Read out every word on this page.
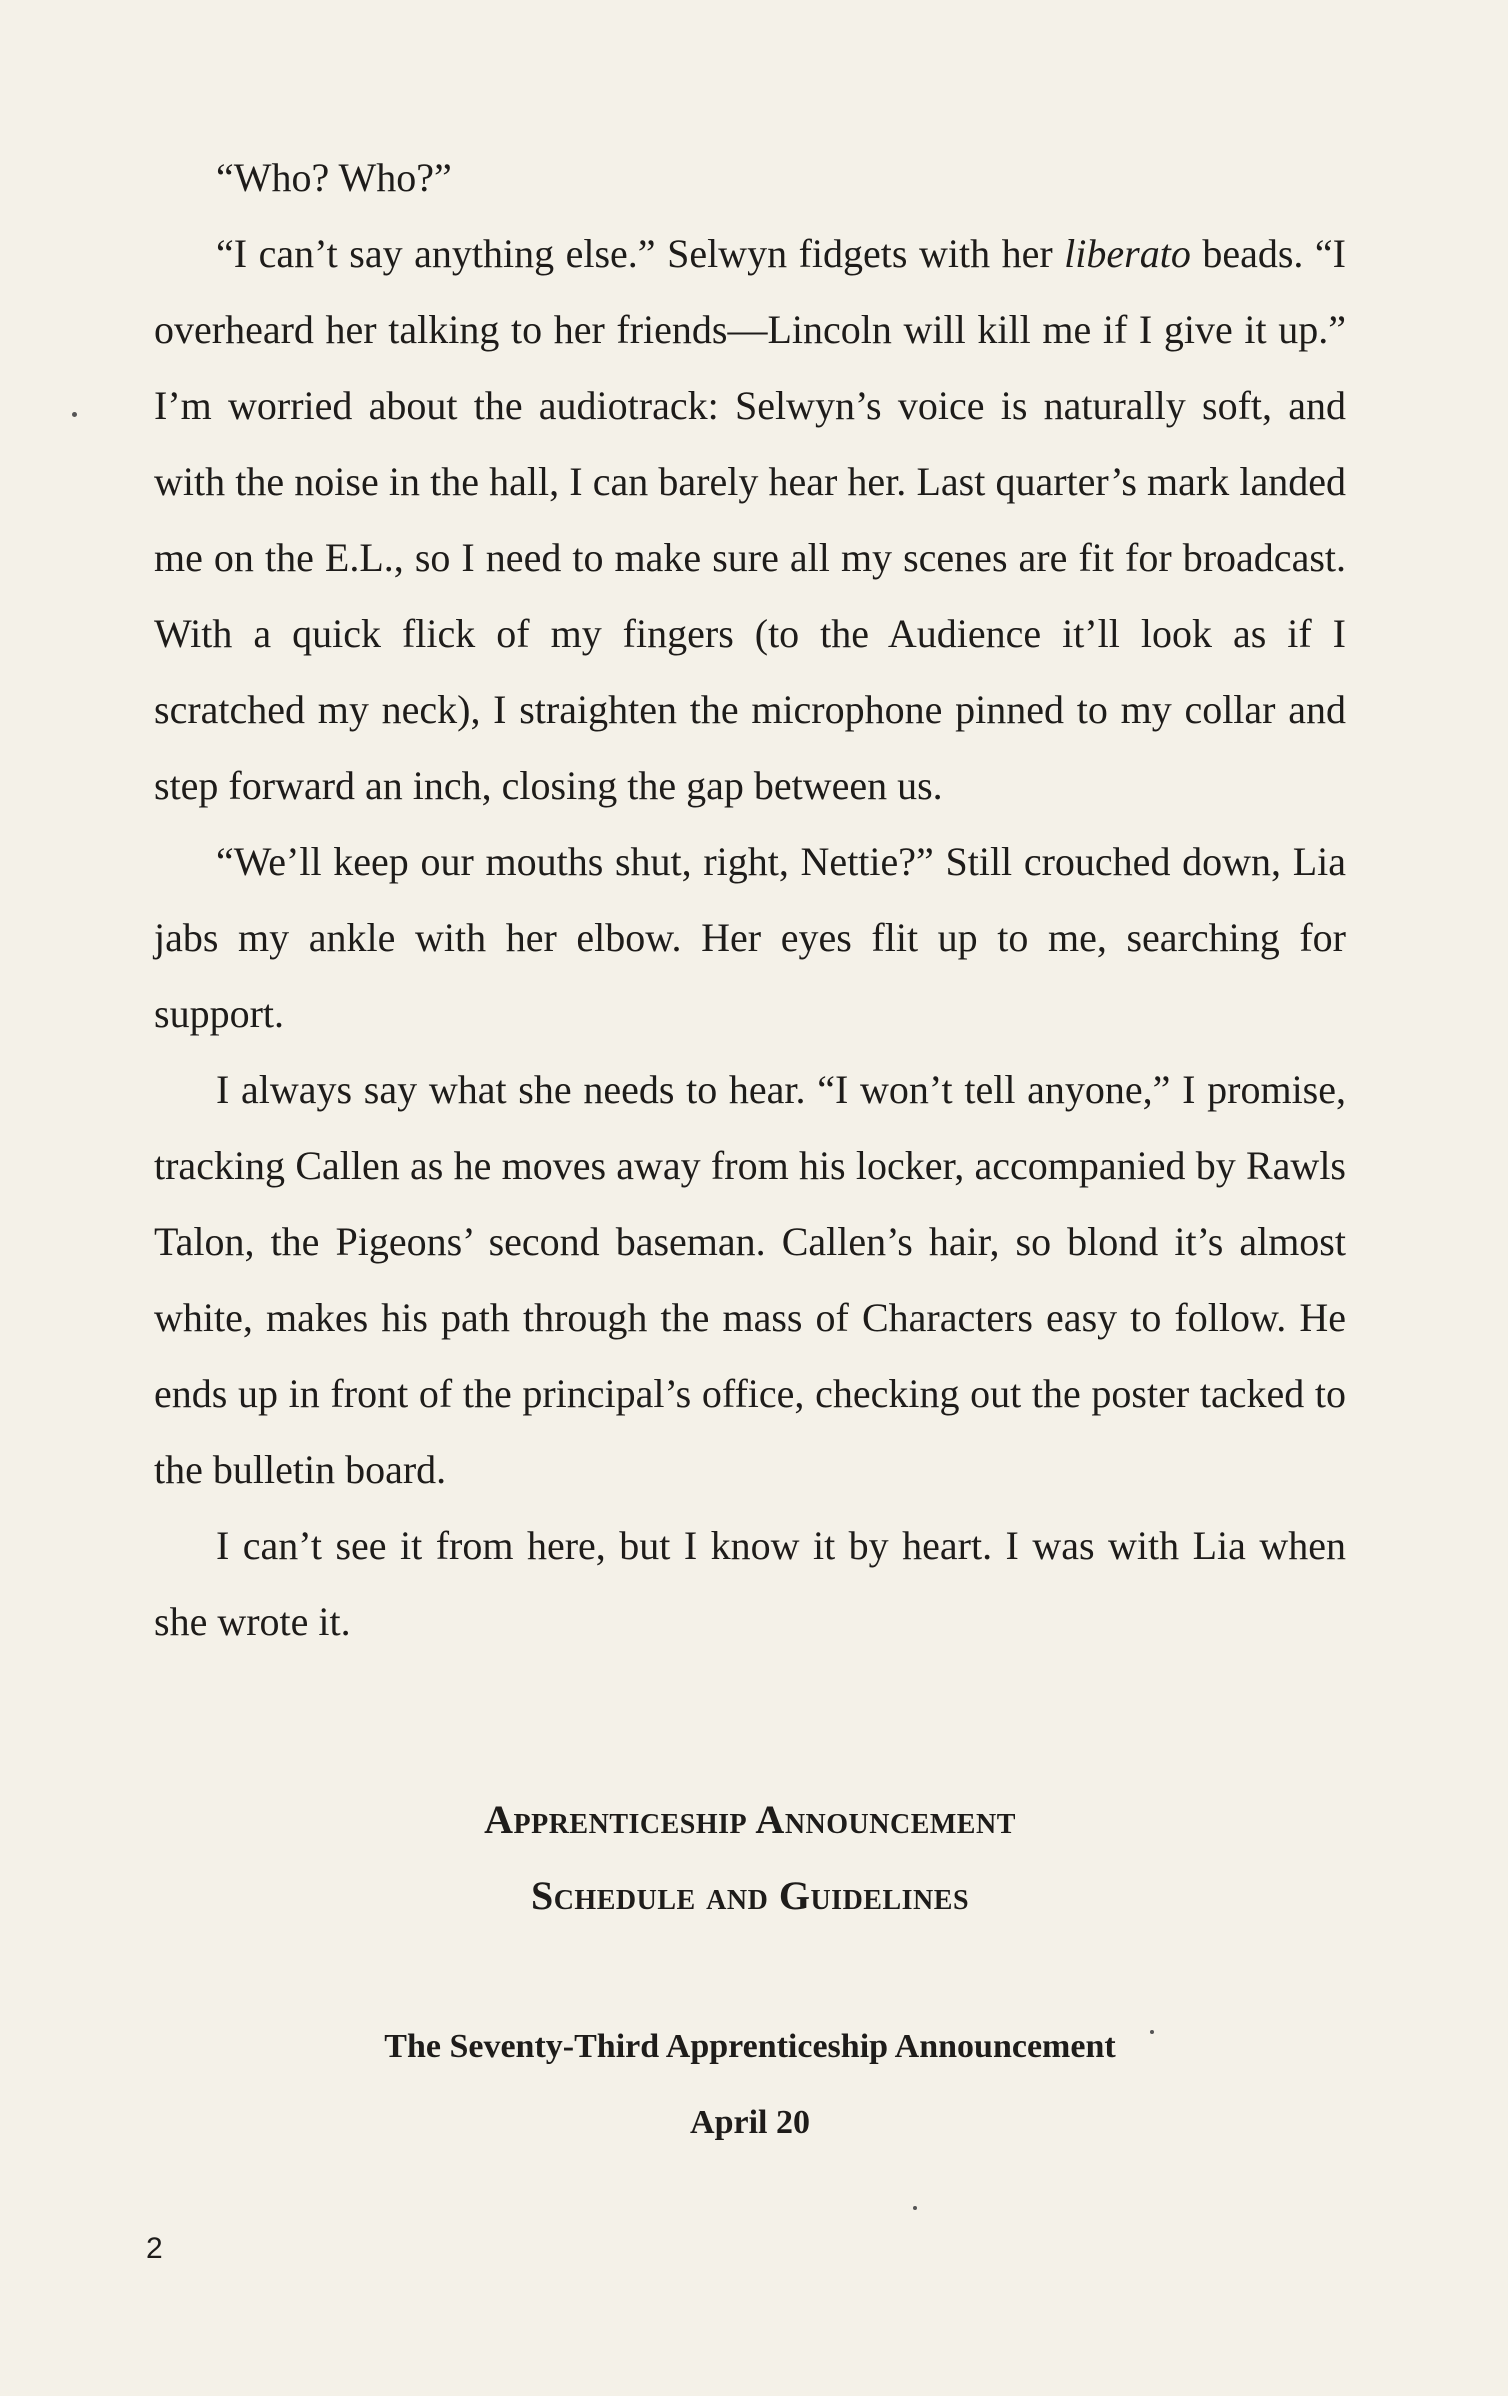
“Who? Who?”

“I can’t say anything else.” Selwyn fidgets with her liberato beads. “I overheard her talking to her friends—Lincoln will kill me if I give it up.” I’m worried about the audiotrack: Selwyn’s voice is naturally soft, and with the noise in the hall, I can barely hear her. Last quarter’s mark landed me on the E.L., so I need to make sure all my scenes are fit for broadcast. With a quick flick of my fingers (to the Audience it’ll look as if I scratched my neck), I straighten the microphone pinned to my collar and step forward an inch, closing the gap between us.

“We’ll keep our mouths shut, right, Nettie?” Still crouched down, Lia jabs my ankle with her elbow. Her eyes flit up to me, searching for support.

I always say what she needs to hear. “I won’t tell anyone,” I promise, tracking Callen as he moves away from his locker, accompanied by Rawls Talon, the Pigeons’ second baseman. Callen’s hair, so blond it’s almost white, makes his path through the mass of Characters easy to follow. He ends up in front of the principal’s office, checking out the poster tacked to the bulletin board.

I can’t see it from here, but I know it by heart. I was with Lia when she wrote it.

Apprenticeship Announcement
Schedule and Guidelines
The Seventy-Third Apprenticeship Announcement
April 20
2
